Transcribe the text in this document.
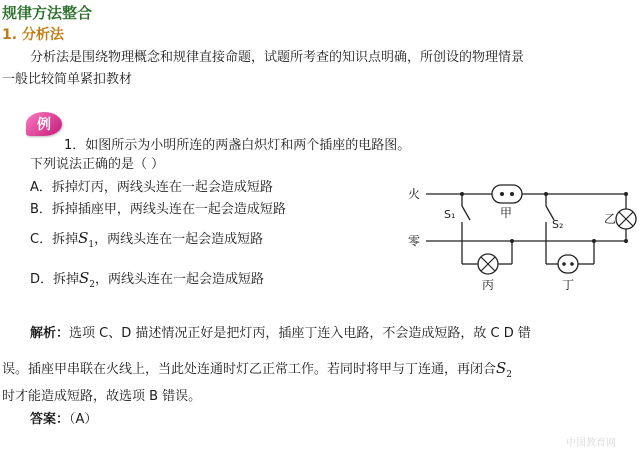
规律方法整合
1. 分析法
分析法是围绕物理概念和规律直接命题，试题所考查的知识点明确，所创设的物理情景
一般比较简单紧扣教材
例
1．如图所示为小明所连的两盏白炽灯和两个插座的电路图。
下列说法正确的是（ ）
A．拆掉灯丙，两线头连在一起会造成短路
B．拆掉插座甲，两线头连在一起会造成短路
C．拆掉$S_1$，两线头连在一起会造成短路
D．拆掉$S_2$，两线头连在一起会造成短路
火
零
甲	乙
丙	丁
S₁
S₂
解析：选项 C、D 描述情况正好是把灯丙，插座丁连入电路，不会造成短路，故 C D 错
误。插座甲串联在火线上，当此处连通时灯乙正常工作。若同时将甲与丁连通，再闭合$S_2$
时才能造成短路，故选项 B 错误。
答案：（A）
中国教育网
